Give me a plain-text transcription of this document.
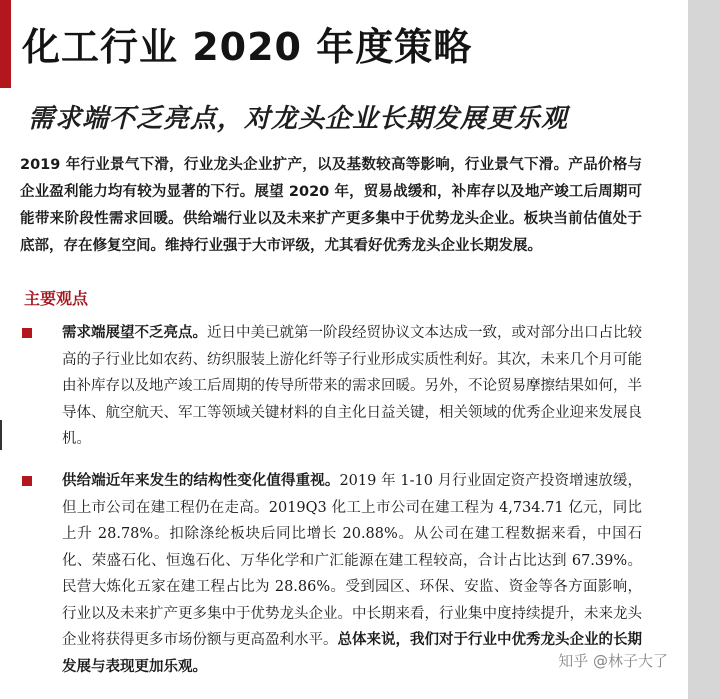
化工行业 2020 年度策略
需求端不乏亮点，对龙头企业长期发展更乐观

2019 年行业景气下滑，行业龙头企业扩产，以及基数较高等影响，行业景气下滑。产品价格与企业盈利能力均有较为显著的下行。展望 2020 年，贸易战缓和，补库存以及地产竣工后周期可能带来阶段性需求回暖。供给端行业以及未来扩产更多集中于优势龙头企业。板块当前估值处于底部，存在修复空间。维持行业强于大市评级，尤其看好优秀龙头企业长期发展。

主要观点
需求端展望不乏亮点。近日中美已就第一阶段经贸协议文本达成一致，或对部分出口占比较高的子行业比如农药、纺织服装上游化纤等子行业形成实质性利好。其次，未来几个月可能由补库存以及地产竣工后周期的传导所带来的需求回暖。另外，不论贸易摩擦结果如何，半导体、航空航天、军工等领域关键材料的自主化日益关键，相关领域的优秀企业迎来发展良机。
供给端近年来发生的结构性变化值得重视。2019 年 1-10 月行业固定资产投资增速放缓，但上市公司在建工程仍在走高。2019Q3 化工上市公司在建工程为 4,734.71 亿元，同比上升 28.78%。扣除涤纶板块后同比增长 20.88%。从公司在建工程数据来看，中国石化、荣盛石化、恒逸石化、万华化学和广汇能源在建工程较高，合计占比达到 67.39%。民营大炼化五家在建工程占比为 28.86%。受到园区、环保、安监、资金等各方面影响，行业以及未来扩产更多集中于优势龙头企业。中长期来看，行业集中度持续提升，未来龙头企业将获得更多市场份额与更高盈利水平。总体来说，我们对于行业中优秀龙头企业的长期发展与表现更加乐观。	知乎 @林子大了
